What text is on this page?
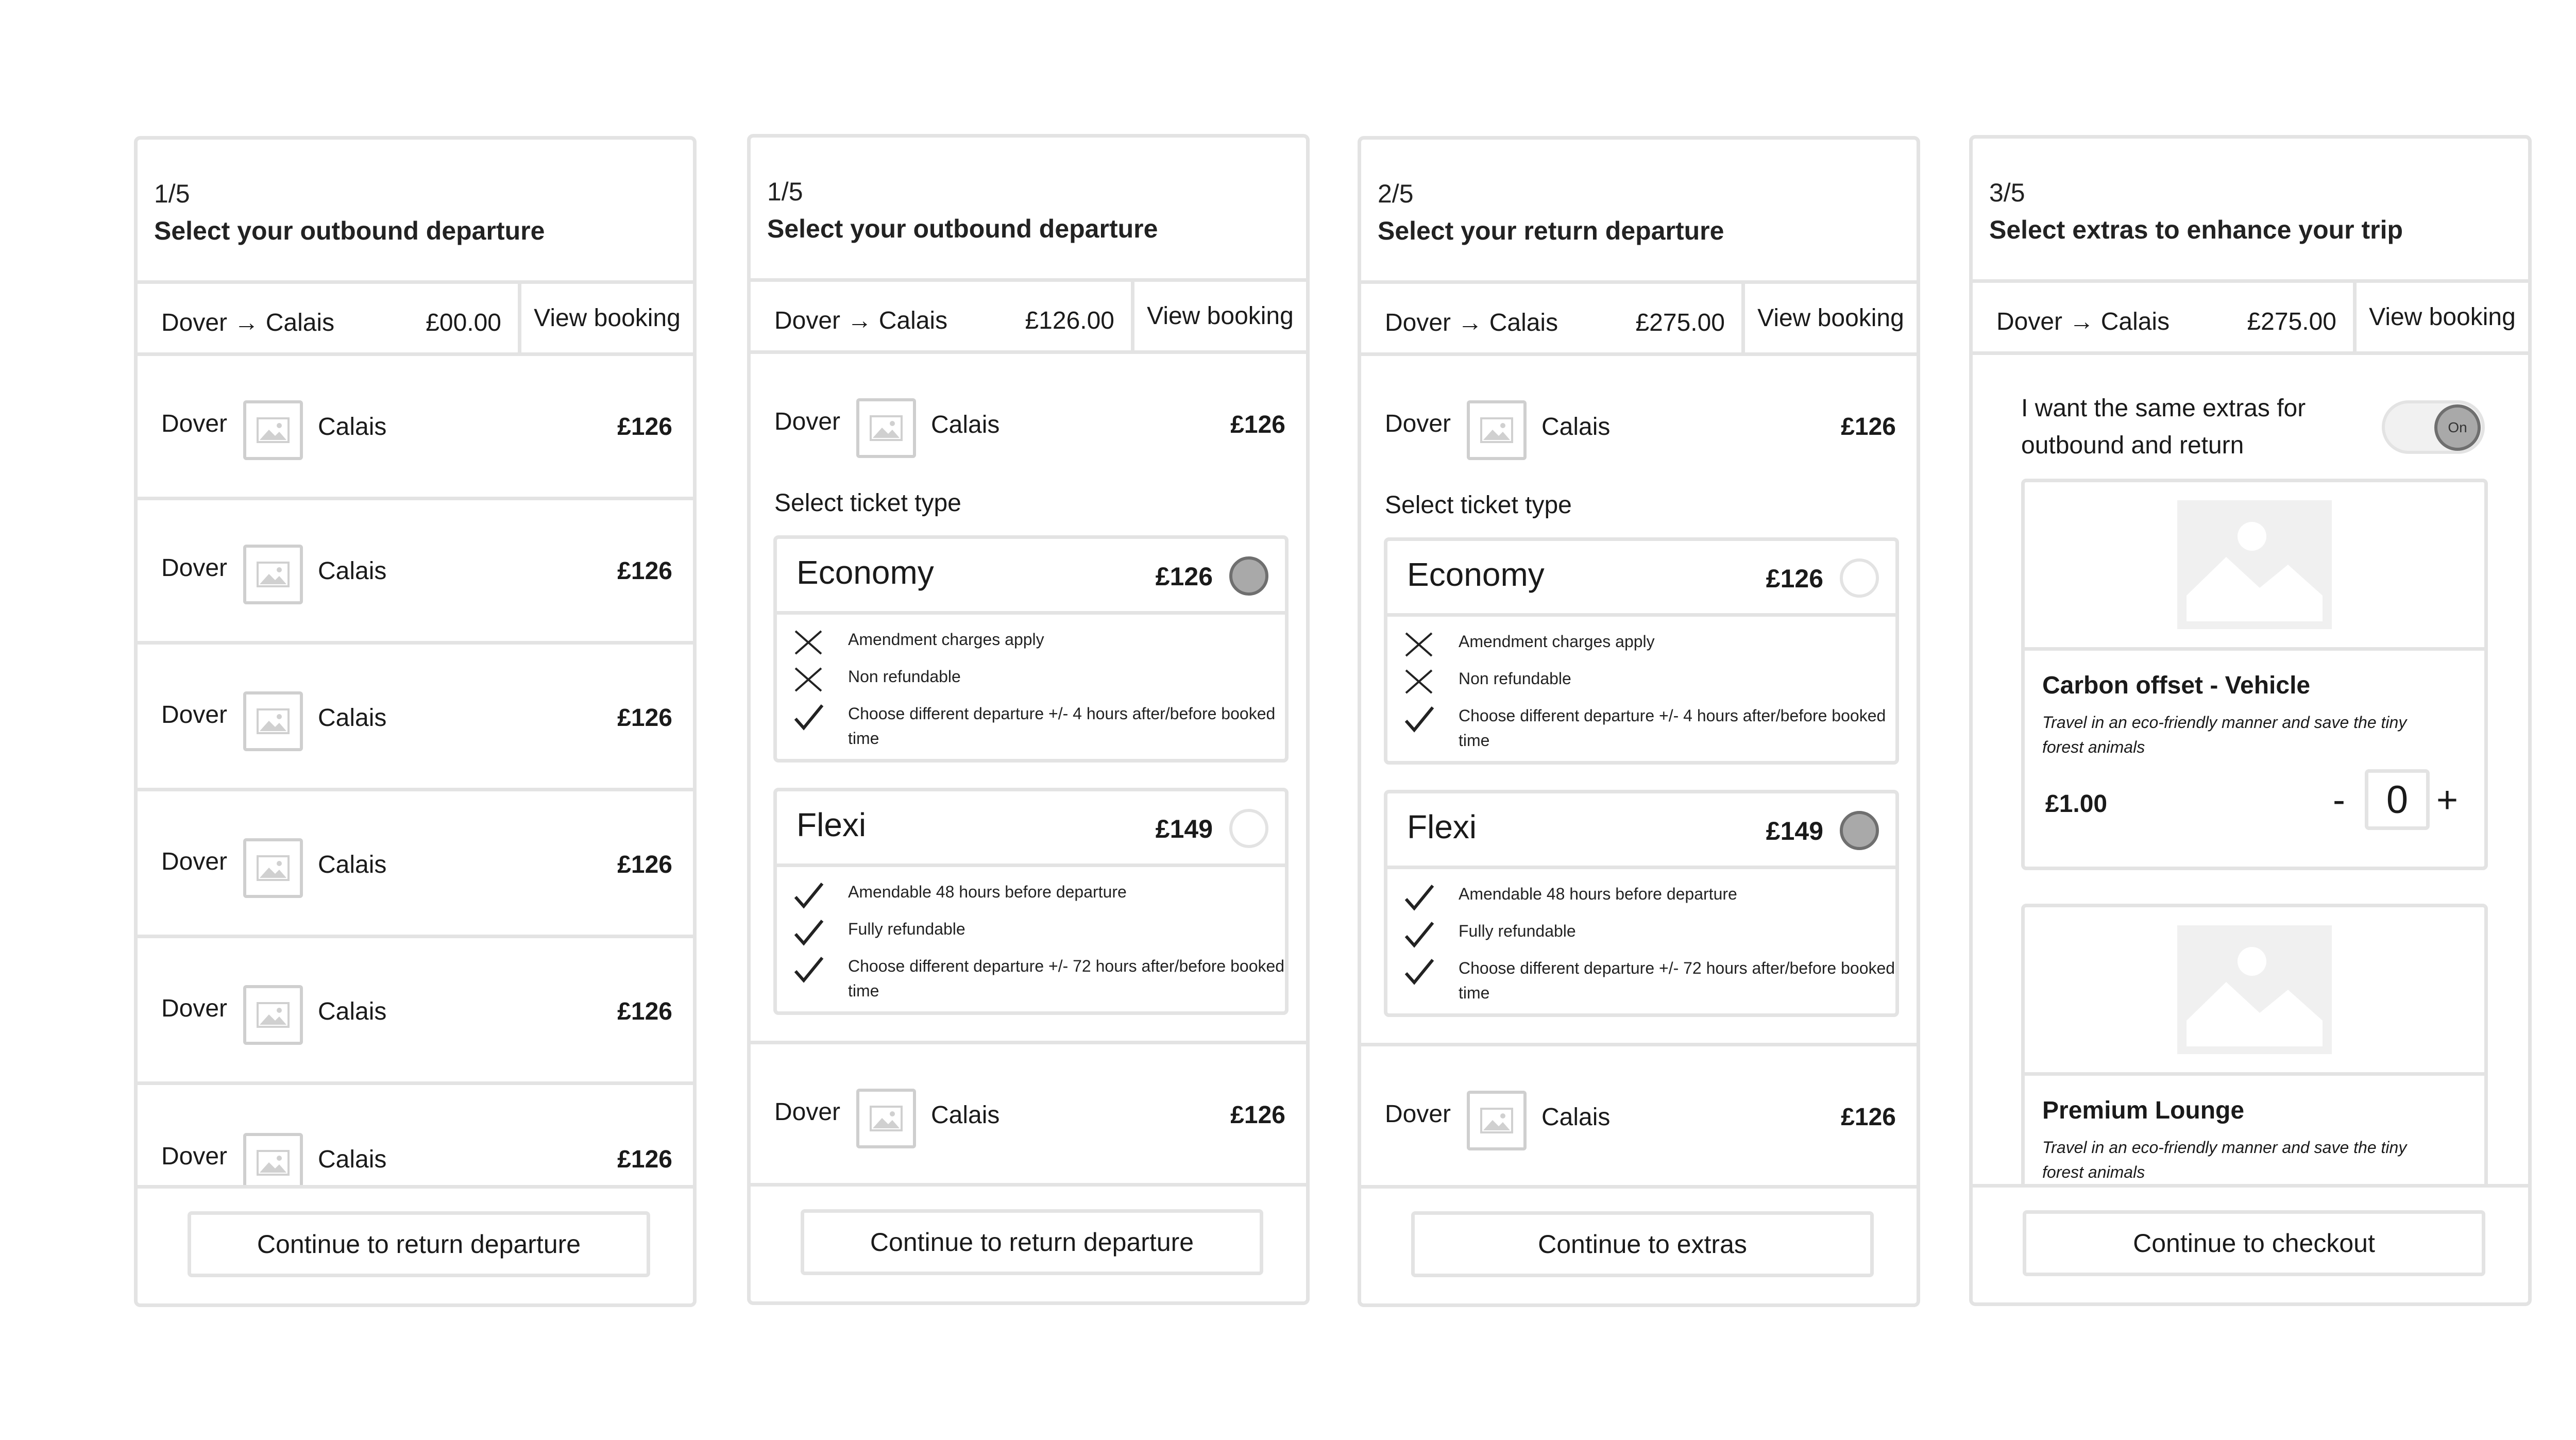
1/5
Select your outbound departure
Dover → Calais	£00.00	View booking
Dover	Calais	£126
Dover	Calais	£126
Dover	Calais	£126
Dover	Calais	£126
Dover	Calais	£126
Dover	Calais	£126
Continue to return departure
1/5
Select your outbound departure
Dover → Calais	£126.00	View booking
Dover	Calais	£126
Select ticket type
Economy	£126
Amendment charges apply
Non refundable
Choose different departure +/- 4 hours after/before booked time
Flexi	£149
Amendable 48 hours before departure
Fully refundable
Choose different departure +/- 72 hours after/before booked time
Dover	Calais	£126
Continue to return departure
2/5
Select your return departure
Dover → Calais	£275.00	View booking
Dover	Calais	£126
Select ticket type
Economy	£126
Amendment charges apply
Non refundable
Choose different departure +/- 4 hours after/before booked time
Flexi	£149
Amendable 48 hours before departure
Fully refundable
Choose different departure +/- 72 hours after/before booked time
Dover	Calais	£126
Continue to extras
3/5
Select extras to enhance your trip
Dover → Calais	£275.00	View booking
I want the same extras for outbound and return
On
Carbon offset - Vehicle
Travel in an eco-friendly manner and save the tiny forest animals
£1.00	-	0 +
Premium Lounge
Travel in an eco-friendly manner and save the tiny forest animals
Continue to checkout
